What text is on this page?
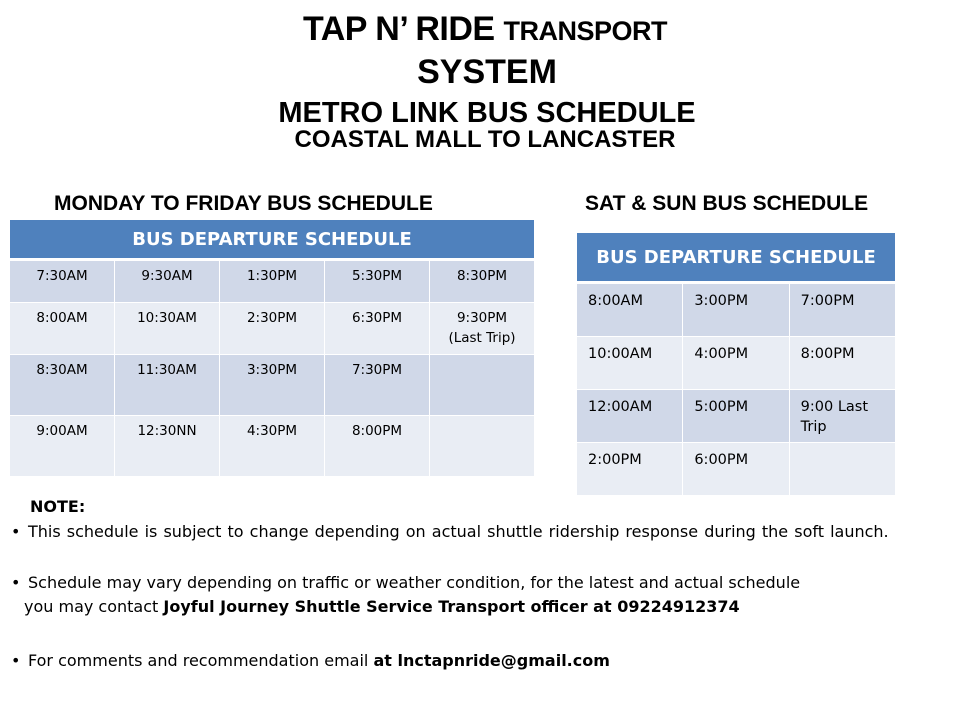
TAP N’ RIDE TRANSPORT
SYSTEM
METRO LINK BUS SCHEDULE
COASTAL MALL TO LANCASTER
MONDAY TO FRIDAY BUS SCHEDULE	SAT & SUN BUS SCHEDULE
BUS DEPARTURE SCHEDULE				
7:30AM	9:30AM	1:30PM	5:30PM	8:30PM
8:00AM	10:30AM	2:30PM	6:30PM	9:30PM
(Last Trip)

8:30AM	11:30AM	3:30PM	7:30PM	
9:00AM	12:30NN	4:30PM	8:00PM	
BUS DEPARTURE SCHEDULE		
8:00AM	3:00PM	7:00PM
10:00AM	4:00PM	8:00PM
12:00AM	5:00PM	9:00 Last Trip
2:00PM	6:00PM	
NOTE:
• This schedule is subject to change depending on actual shuttle ridership response during the soft launch.
• Schedule may vary depending on traffic or weather condition, for the latest and actual schedule
you may contact Joyful Journey Shuttle Service Transport officer at 09224912374
• For comments and recommendation email at lnctapnride@gmail.com
